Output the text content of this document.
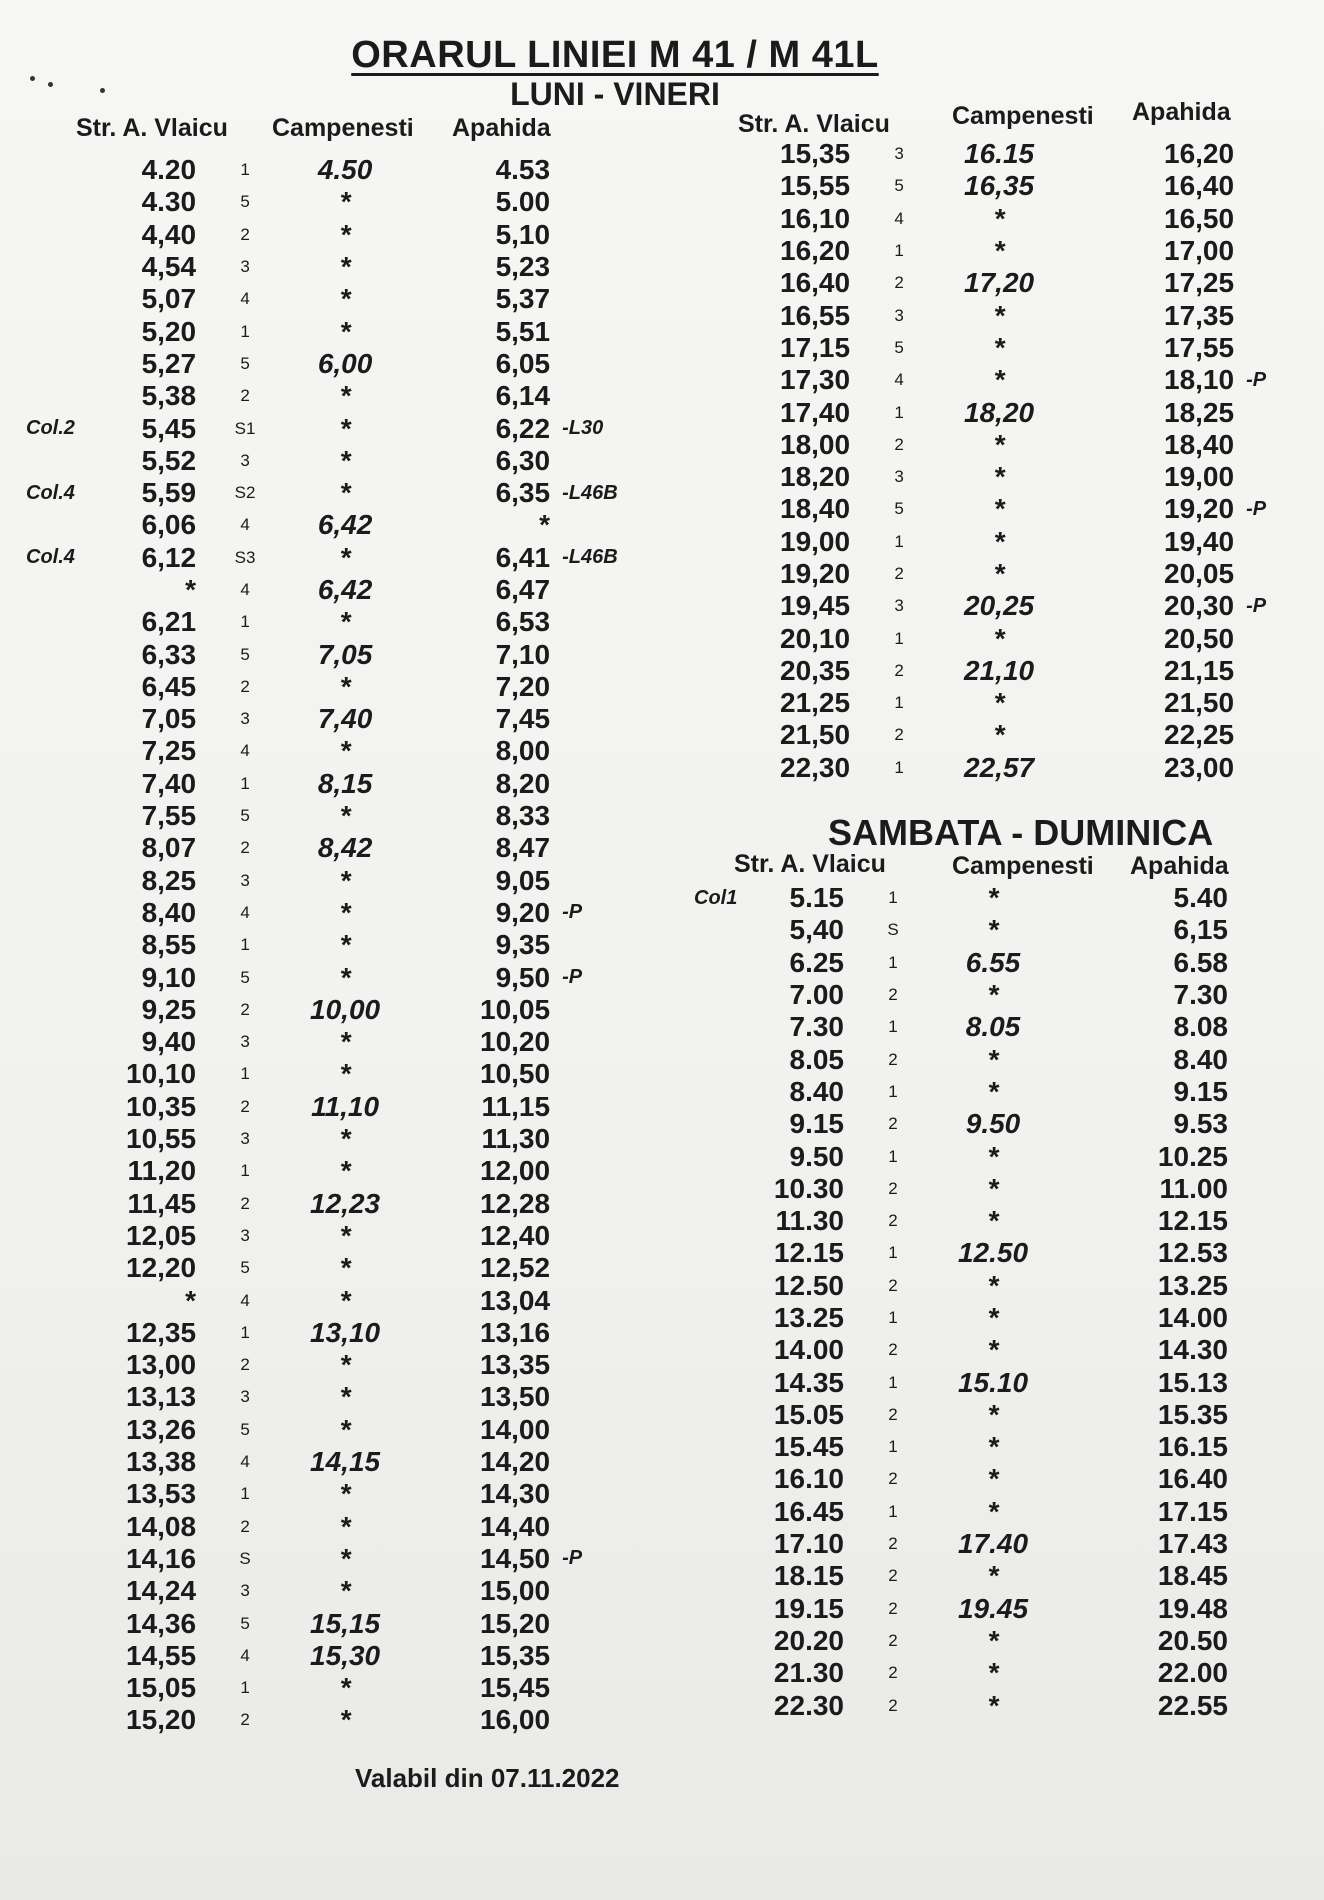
ORARUL LINIEI M 41 / M 41L
LUNI - VINERI
Str. A. Vlaicu Campenesti Apahida	Str. A. Vlaicu Campenesti Apahida
	4.20	1	4.50	4.53	
	4.30	5	*	5.00	
	4,40	2	*	5,10	
	4,54	3	*	5,23	
	5,07	4	*	5,37	
	5,20	1	*	5,51	
	5,27	5	6,00	6,05	
	5,38	2	*	6,14	
Col.2	5,45	S1	*	6,22	-L30
	5,52	3	*	6,30	
Col.4	5,59	S2	*	6,35	-L46B
	6,06	4	6,42	*	
Col.4	6,12	S3	*	6,41	-L46B
	*	4	6,42	6,47	
	6,21	1	*	6,53	
	6,33	5	7,05	7,10	
	6,45	2	*	7,20	
	7,05	3	7,40	7,45	
	7,25	4	*	8,00	
	7,40	1	8,15	8,20	
	7,55	5	*	8,33	
	8,07	2	8,42	8,47	
	8,25	3	*	9,05	
	8,40	4	*	9,20	-P
	8,55	1	*	9,35	
	9,10	5	*	9,50	-P
	9,25	2	10,00	10,05	
	9,40	3	*	10,20	
	10,10	1	*	10,50	
	10,35	2	11,10	11,15	
	10,55	3	*	11,30	
	11,20	1	*	12,00	
	11,45	2	12,23	12,28	
	12,05	3	*	12,40	
	12,20	5	*	12,52	
	*	4	*	13,04	
	12,35	1	13,10	13,16	
	13,00	2	*	13,35	
	13,13	3	*	13,50	
	13,26	5	*	14,00	
	13,38	4	14,15	14,20	
	13,53	1	*	14,30	
	14,08	2	*	14,40	
	14,16	S	*	14,50	-P
	14,24	3	*	15,00	
	14,36	5	15,15	15,20	
	14,55	4	15,30	15,35	
	15,05	1	*	15,45	
	15,20	2	*	16,00	
	15,35	3	16.15	16,20	
	15,55	5	16,35	16,40	
	16,10	4	*	16,50	
	16,20	1	*	17,00	
	16,40	2	17,20	17,25	
	16,55	3	*	17,35	
	17,15	5	*	17,55	
	17,30	4	*	18,10	-P
	17,40	1	18,20	18,25	
	18,00	2	*	18,40	
	18,20	3	*	19,00	
	18,40	5	*	19,20	-P
	19,00	1	*	19,40	
	19,20	2	*	20,05	
	19,45	3	20,25	20,30	-P
	20,10	1	*	20,50	
	20,35	2	21,10	21,15	
	21,25	1	*	21,50	
	21,50	2	*	22,25	
	22,30	1	22,57	23,00	
SAMBATA - DUMINICA
Str. A. Vlaicu	Campenesti Apahida
Col1	5.15	1	*	5.40	
	5,40	S	*	6,15	
	6.25	1	6.55	6.58	
	7.00	2	*	7.30	
	7.30	1	8.05	8.08	
	8.05	2	*	8.40	
	8.40	1	*	9.15	
	9.15	2	9.50	9.53	
	9.50	1	*	10.25	
	10.30	2	*	11.00	
	11.30	2	*	12.15	
	12.15	1	12.50	12.53	
	12.50	2	*	13.25	
	13.25	1	*	14.00	
	14.00	2	*	14.30	
	14.35	1	15.10	15.13	
	15.05	2	*	15.35	
	15.45	1	*	16.15	
	16.10	2	*	16.40	
	16.45	1	*	17.15	
	17.10	2	17.40	17.43	
	18.15	2	*	18.45	
	19.15	2	19.45	19.48	
	20.20	2	*	20.50	
	21.30	2	*	22.00	
	22.30	2	*	22.55	
Valabil din 07.11.2022
